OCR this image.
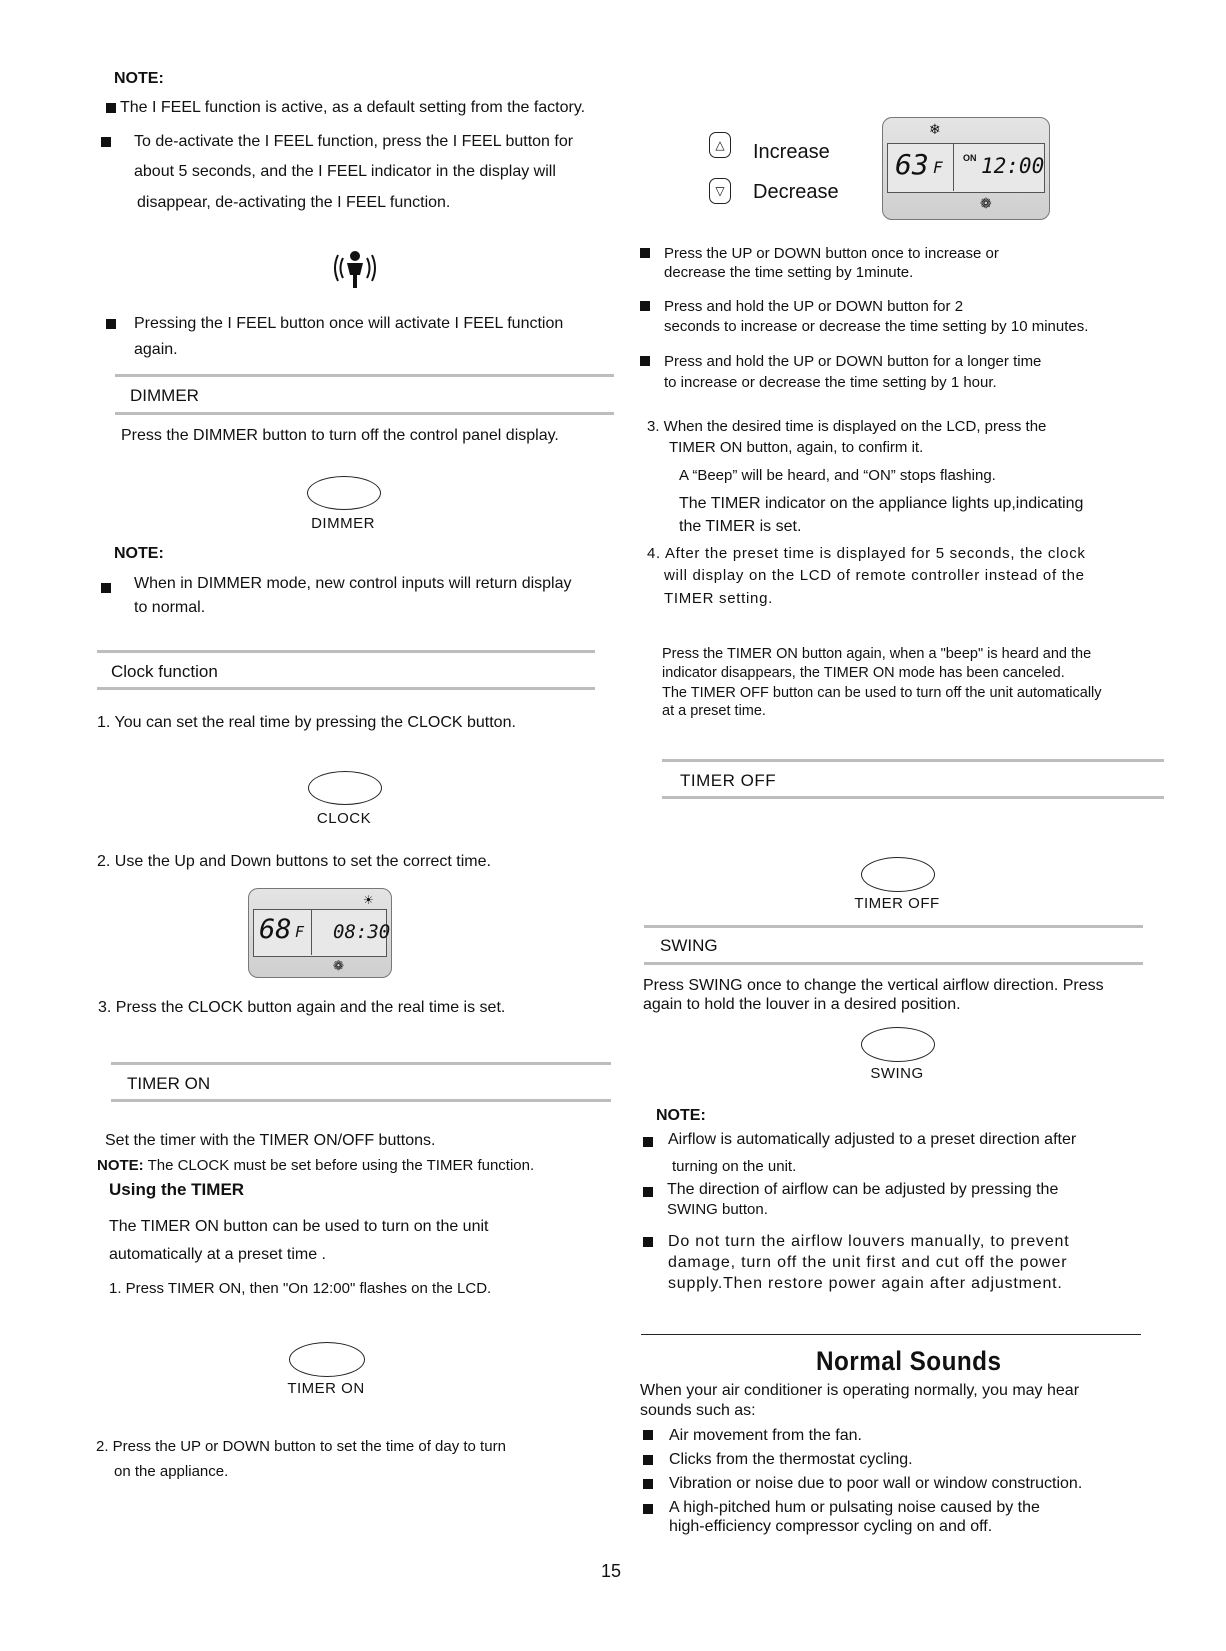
NOTE:
The I FEEL function is active, as a default setting from the factory.
To de-activate the I FEEL function, press the I FEEL button for
about 5 seconds, and the I FEEL indicator in the display will
disappear, de-activating the I FEEL function.
Pressing the I FEEL button once will activate I FEEL function
again.
DIMMER
Press the DIMMER button to turn off the control panel display.
DIMMER
NOTE:
When in DIMMER mode, new control inputs will return display
to normal.
Clock function
1. You can set the real time by pressing the CLOCK button.
CLOCK
2. Use the Up and Down buttons to set the correct time.
68 F 08:30
☀
❁
3. Press the CLOCK button again and the real time is set.
TIMER ON
Set the timer with the TIMER ON/OFF buttons.
NOTE: The CLOCK must be set before using the TIMER function.
Using the TIMER
The TIMER ON button can be used to turn on the unit
automatically at a preset time .
1. Press TIMER ON, then "On 12:00" flashes on the LCD.
TIMER ON
2. Press the UP or DOWN button to set the time of day to turn
on the appliance.
△	Increase
▽	Decrease
63 F ON 12:00
❄
❁
Press the UP or DOWN button once to increase or
decrease the time setting by 1minute.
Press and hold the UP or DOWN button for 2
seconds to increase or decrease the time setting by 10 minutes.
Press and hold the UP or DOWN button for a longer time
to increase or decrease the time setting by 1 hour.
3. When the desired time is displayed on the LCD, press the
TIMER ON button, again, to confirm it.
A “Beep” will be heard, and “ON” stops flashing.
The TIMER indicator on the appliance lights up,indicating
the TIMER is set.
4. After the preset time is displayed for 5 seconds, the clock
will display on the LCD of remote controller instead of the
TIMER setting.
Press the TIMER ON button again, when a "beep" is heard and the
indicator disappears, the TIMER ON mode has been canceled.
The TIMER OFF button can be used to turn off the unit automatically
at a preset time.
TIMER OFF
TIMER OFF
SWING
Press SWING once to change the vertical airflow direction. Press
again to hold the louver in a desired position.
SWING
NOTE:
Airflow is automatically adjusted to a preset direction after
turning on the unit.
The direction of airflow can be adjusted by pressing the
SWING button.
Do not turn the airflow louvers manually, to prevent
damage, turn off the unit first and cut off the power
supply.Then restore power again after adjustment.
Normal Sounds
When your air conditioner is operating normally, you may hear
sounds such as:
Air movement from the fan.
Clicks from the thermostat cycling.
Vibration or noise due to poor wall or window construction.
A high-pitched hum or pulsating noise caused by the
high-efficiency compressor cycling on and off.
15
